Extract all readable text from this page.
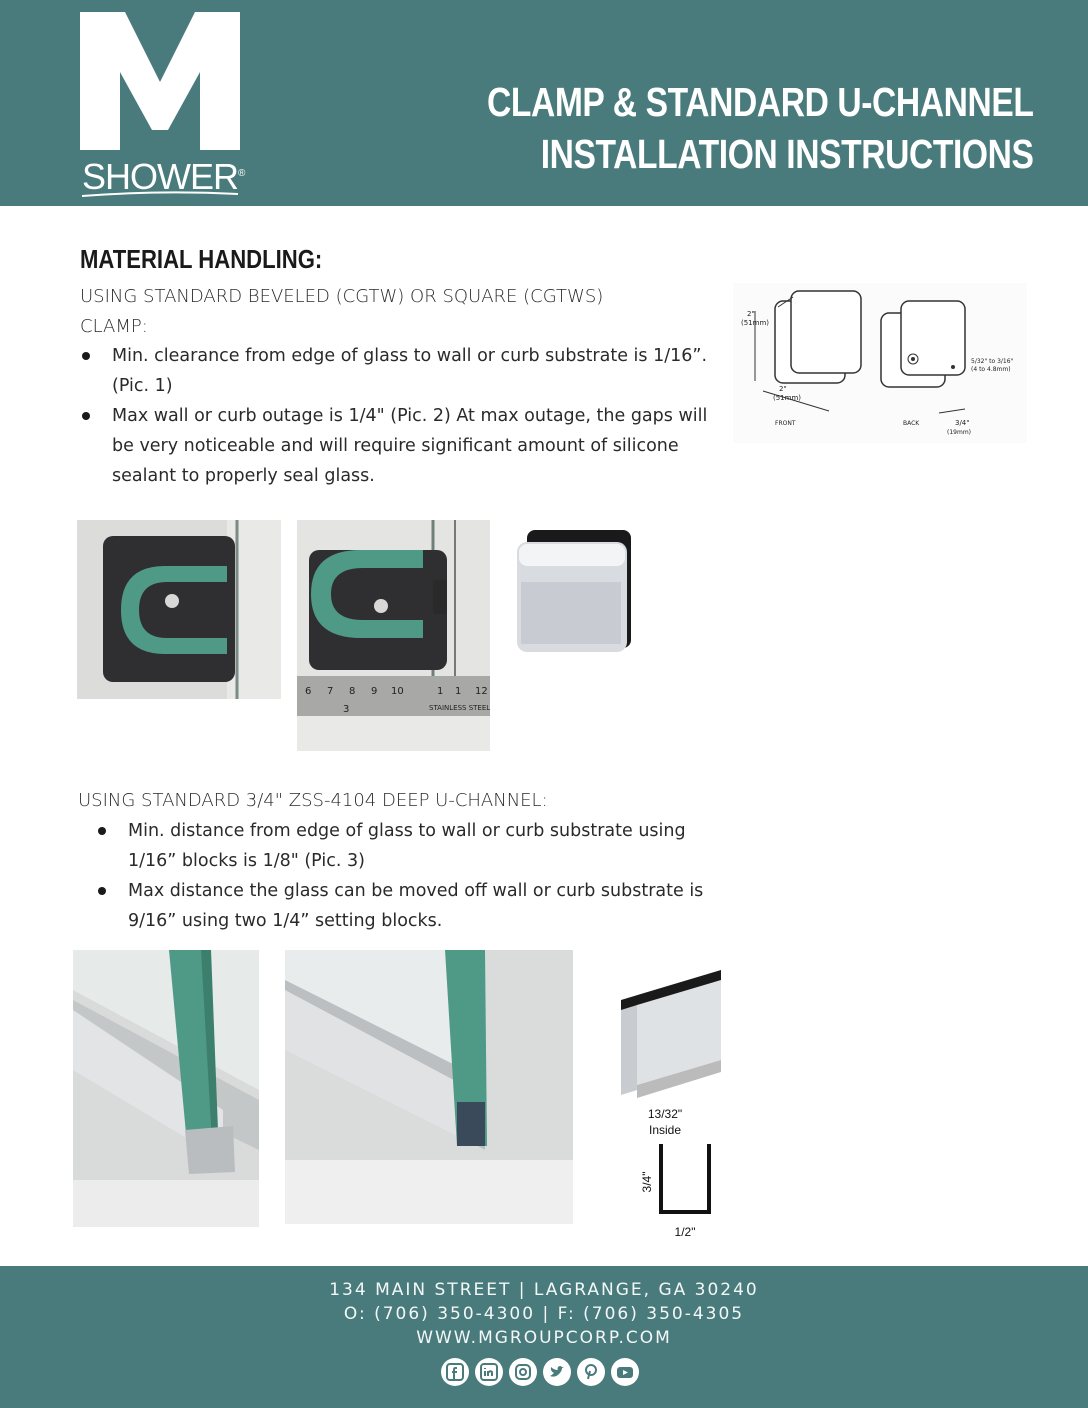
SHOWER®
CLAMP & STANDARD U-CHANNEL
INSTALLATION INSTRUCTIONS
MATERIAL HANDLING:
USING STANDARD BEVELED (CGTW) OR SQUARE (CGTWS)
CLAMP:
Min. clearance from edge of glass to wall or curb substrate is 1/16”.
(Pic. 1)
Max wall or curb outage is 1/4" (Pic. 2) At max outage, the gaps will
be very noticeable and will require significant amount of silicone
sealant to properly seal glass.
2"
(51mm)
2"
(51mm)
FRONT	BACK
5/32" to 3/16"
(4 to 4.8mm)
3/4"
(19mm)
6 7 8 9 10	1 1 12
3	STAINLESS STEEL
USING STANDARD 3/4" ZSS-4104 DEEP U-CHANNEL:
Min. distance from edge of glass to wall or curb substrate using
1/16” blocks is 1/8" (Pic. 3)
Max distance the glass can be moved off wall or curb substrate is
9/16” using two 1/4” setting blocks.
13/32"
Inside
3/4"
1/2"
134 MAIN STREET | LAGRANGE, GA 30240
O: (706) 350-4300 | F: (706) 350-4305
WWW.MGROUPCORP.COM
